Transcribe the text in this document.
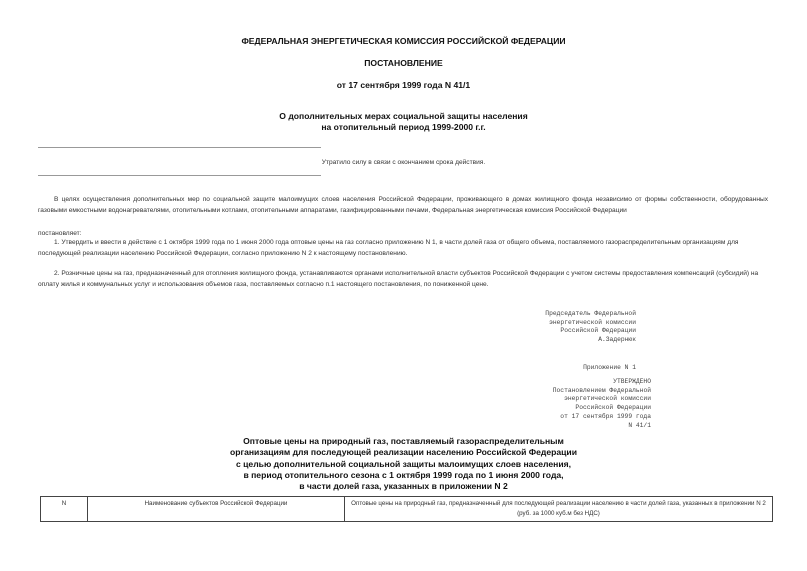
ФЕДЕРАЛЬНАЯ ЭНЕРГЕТИЧЕСКАЯ КОМИССИЯ РОССИЙСКОЙ ФЕДЕРАЦИИ
ПОСТАНОВЛЕНИЕ
от 17 сентября 1999 года N 41/1
О дополнительных мерах социальной защиты населения
на отопительный период 1999-2000 г.г.
Утратило силу в связи с окончанием срока действия.
В целях осуществления дополнительных мер по социальной защите малоимущих слоев населения Российской Федерации, проживающего в домах жилищного фонда независимо от формы собственности, оборудованных газовыми емкостными водонагревателями, отопительными котлами, отопительными аппаратами, газифицированными печами, Федеральная энергетическая комиссия Российской Федерации
постановляет:
1. Утвердить и ввести в действие с 1 октября 1999 года по 1 июня 2000 года оптовые цены на газ согласно приложению N 1, в части долей газа от общего объема, поставляемого газораспределительным организациям для последующей реализации населению Российской Федерации, согласно приложению N 2 к настоящему постановлению.
2. Розничные цены на газ, предназначенный для отопления жилищного фонда, устанавливаются органами исполнительной власти субъектов Российской Федерации с учетом системы предоставления компенсаций (субсидий) на оплату жилья и коммунальных услуг и использования объемов газа, поставляемых согласно п.1 настоящего постановления, по пониженной цене.
Председатель Федеральной
энергетической комиссии
Российской Федерации
А.Задернюк
Приложение N 1
УТВЕРЖДЕНО
Постановлением Федеральной
энергетической комиссии
Российской Федерации
от 17 сентября 1999 года
N 41/1
Оптовые цены на природный газ, поставляемый газораспределительным
организациям для последующей реализации населению Российской Федерации
с целью дополнительной социальной защиты малоимущих слоев населения,
в период отопительного сезона с 1 октября 1999 года по 1 июня 2000 года,
в части долей газа, указанных в приложении N 2
N	Наименование субъектов Российской Федерации	Оптовые цены на природный газ, предназначенный для последующей реализации населению в части долей газа, указанных в приложении N 2
(руб. за 1000 куб.м без НДС)
